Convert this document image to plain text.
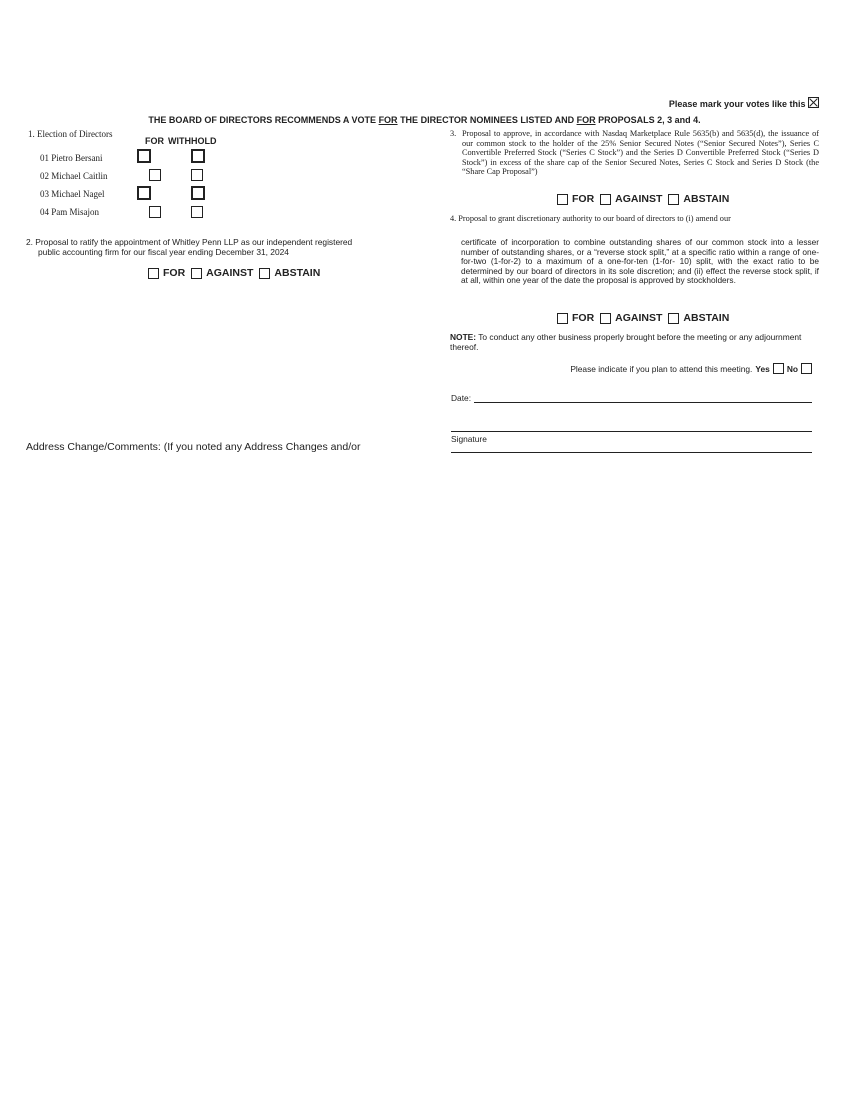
Please mark your votes like this
THE BOARD OF DIRECTORS RECOMMENDS A VOTE FOR THE DIRECTOR NOMINEES LISTED AND FOR PROPOSALS 2, 3 and 4.
1. Election of Directors
FOR WITHHOLD
01 Pietro Bersani
02 Michael Caitlin
03 Michael Nagel
04 Pam Misajon
2. Proposal to ratify the appointment of Whitley Penn LLP as our independent registered
public accounting firm for our fiscal year ending December 31, 2024
FOR AGAINST ABSTAIN
3. Proposal to approve, in accordance with Nasdaq Marketplace Rule 5635(b) and 5635(d), the issuance of our common stock to the holder of the 25% Senior Secured Notes (“Senior Secured Notes”), Series C Convertible Preferred Stock (“Series C Stock”) and the Series D Convertible Preferred Stock (“Series D Stock”) in excess of the share cap of the Senior Secured Notes, Series C Stock and Series D Stock (the “Share Cap Proposal”)
FOR AGAINST ABSTAIN
4. Proposal to grant discretionary authority to our board of directors to (i) amend our
certificate of incorporation to combine outstanding shares of our common stock into a lesser number of outstanding shares, or a “reverse stock split,” at a specific ratio within a range of one-for-two (1-for-2) to a maximum of a one-for-ten (1-for- 10) split, with the exact ratio to be determined by our board of directors in its sole discretion; and (ii) effect the reverse stock split, if at all, within one year of the date the proposal is approved by stockholders.
FOR AGAINST ABSTAIN
NOTE: To conduct any other business properly brought before the meeting or any adjournment thereof.
Please indicate if you plan to attend this meeting. Yes No
Date:
Signature
Address Change/Comments: (If you noted any Address Changes and/or
